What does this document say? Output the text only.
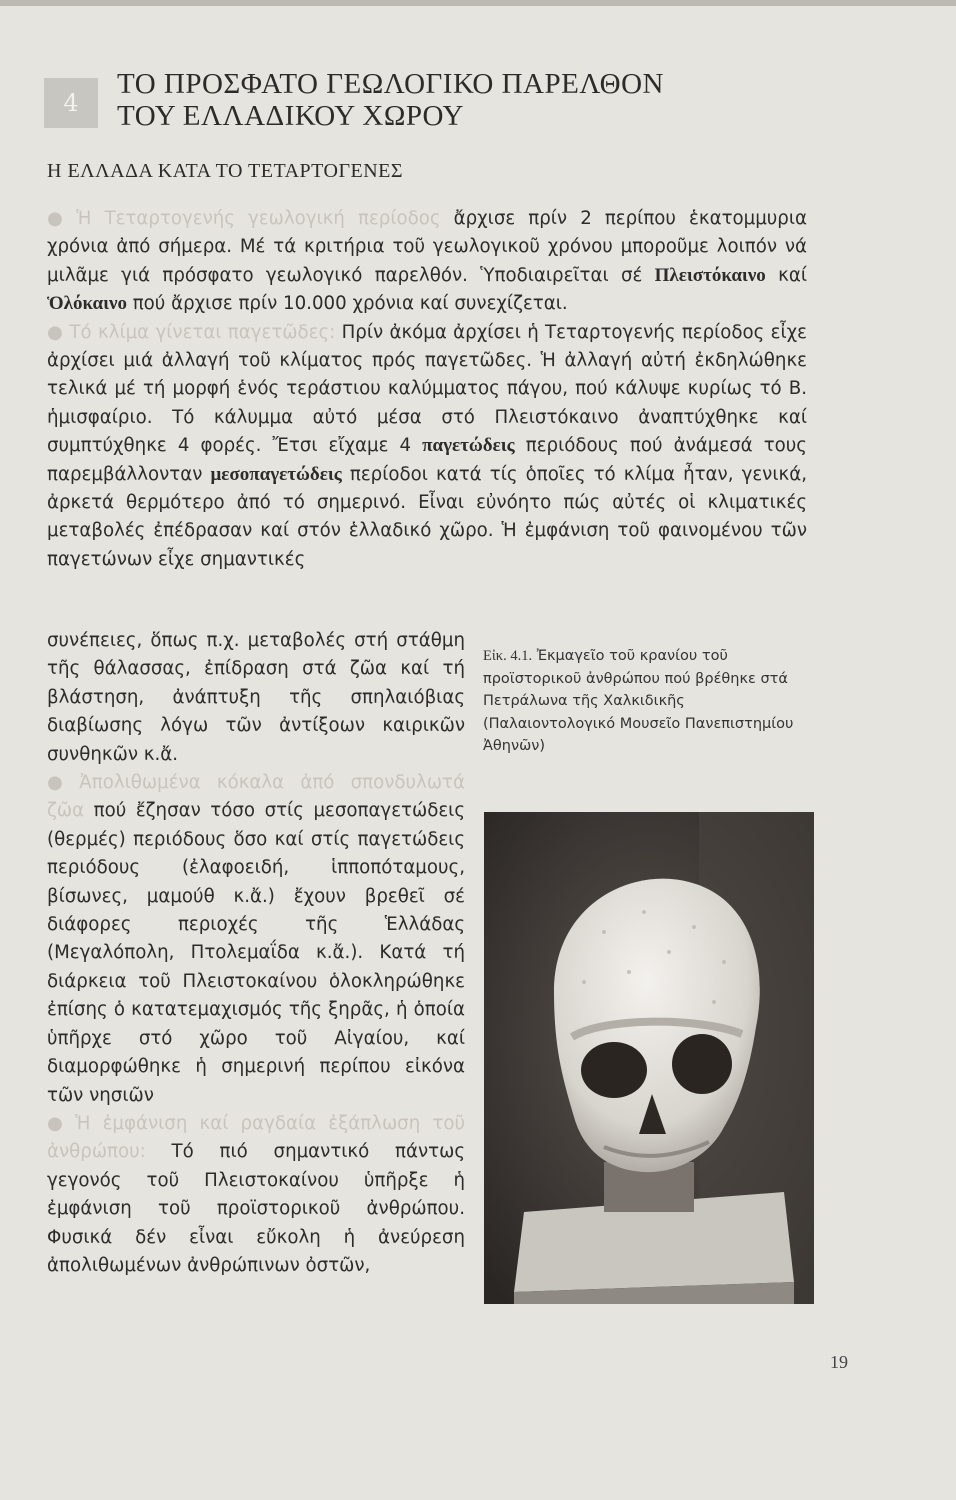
4
ΤΟ ΠΡΟΣΦΑΤΟ ΓΕΩΛΟΓΙΚΟ ΠΑΡΕΛΘΟΝ
ΤΟΥ ΕΛΛΑΔΙΚΟΥ ΧΩΡΟΥ
Η ΕΛΛΑΔΑ ΚΑΤΑ ΤΟ ΤΕΤΑΡΤΟΓΕΝΕΣ

● Ἡ Τεταρτογενής γεωλογική περίοδος ἄρχισε πρίν 2 περίπου ἑκατομμυρια χρόνια ἀπό σήμερα. Μέ τά κριτήρια τοῦ γεωλογικοῦ χρόνου μποροῦμε λοιπόν νά μιλᾶμε γιά πρόσφατο γεωλογικό παρελθόν. Ὑποδιαιρεῖται σέ Πλειστόκαινο καί Ὁλόκαινο πού ἄρχισε πρίν 10.000 χρόνια καί συνεχίζεται.

● Τό κλίμα γίνεται παγετῶδες: Πρίν ἀκόμα ἀρχίσει ἡ Τεταρτογενής περίοδος εἶχε ἀρχίσει μιά ἀλλαγή τοῦ κλίματος πρός παγετῶδες. Ἡ ἀλλαγή αὐτή ἐκδηλώθηκε τελικά μέ τή μορφή ἑνός τεράστιου καλύμματος πάγου, πού κάλυψε κυρίως τό Β. ἡμισφαίριο. Τό κάλυμμα αὐτό μέσα στό Πλειστόκαινο ἀναπτύχθηκε καί συμπτύχθηκε 4 φορές. Ἔτσι εἴχαμε 4 παγετώδεις περιόδους πού ἀνάμεσά τους παρεμβάλλονταν μεσοπαγετώδεις περίοδοι κατά τίς ὁποῖες τό κλίμα ἦταν, γενικά, ἀρκετά θερμότερο ἀπό τό σημερινό. Εἶναι εὐνόητο πώς αὐτές οἱ κλιματικές μεταβολές ἐπέδρασαν καί στόν ἑλλαδικό χῶρο. Ἡ ἐμφάνιση τοῦ φαινομένου τῶν παγετώνων εἶχε σημαντικές

συνέπειες, ὅπως π.χ. μεταβολές στή στάθμη τῆς θάλασσας, ἐπίδραση στά ζῶα καί τή βλάστηση, ἀνάπτυξη τῆς σπηλαιόβιας διαβίωσης λόγω τῶν ἀντίξοων καιρικῶν συνθηκῶν κ.ἄ.

● Ἀπολιθωμένα κόκαλα ἀπό σπονδυλωτά ζῶα πού ἔζησαν τόσο στίς μεσοπαγετώδεις (θερμές) περιόδους ὅσο καί στίς παγετώδεις περιόδους (ἐλαφοειδή, ἱπποπόταμους, βίσωνες, μαμούθ κ.ἄ.) ἔχουν βρεθεῖ σέ διάφορες περιοχές τῆς Ἑλλάδας (Μεγαλόπολη, Πτολεμαΐδα κ.ἄ.). Κατά τή διάρκεια τοῦ Πλειστοκαίνου ὁλοκληρώθηκε ἐπίσης ὁ κατατεμαχισμός τῆς ξηρᾶς, ἡ ὁποία ὑπῆρχε στό χῶρο τοῦ Αἰγαίου, καί διαμορφώθηκε ἡ σημερινή περίπου εἰκόνα τῶν νησιῶν

● Ἡ ἐμφάνιση καί ραγδαία ἐξάπλωση τοῦ ἀνθρώπου: Τό πιό σημαντικό πάντως γεγονός τοῦ Πλειστοκαίνου ὑπῆρξε ἡ ἐμφάνιση τοῦ προϊστορικοῦ ἀνθρώπου. Φυσικά δέν εἶναι εὔκολη ἡ ἀνεύρεση ἀπολιθωμένων ἀνθρώπινων ὀστῶν,

Εἰκ. 4.1. Ἐκμαγεῖο τοῦ κρανίου τοῦ προϊστορικοῦ ἀνθρώπου πού βρέθηκε στά Πετράλωνα τῆς Χαλκιδικῆς (Παλαιοντολογικό Μουσεῖο Πανεπιστημίου Ἀθηνῶν)
19
